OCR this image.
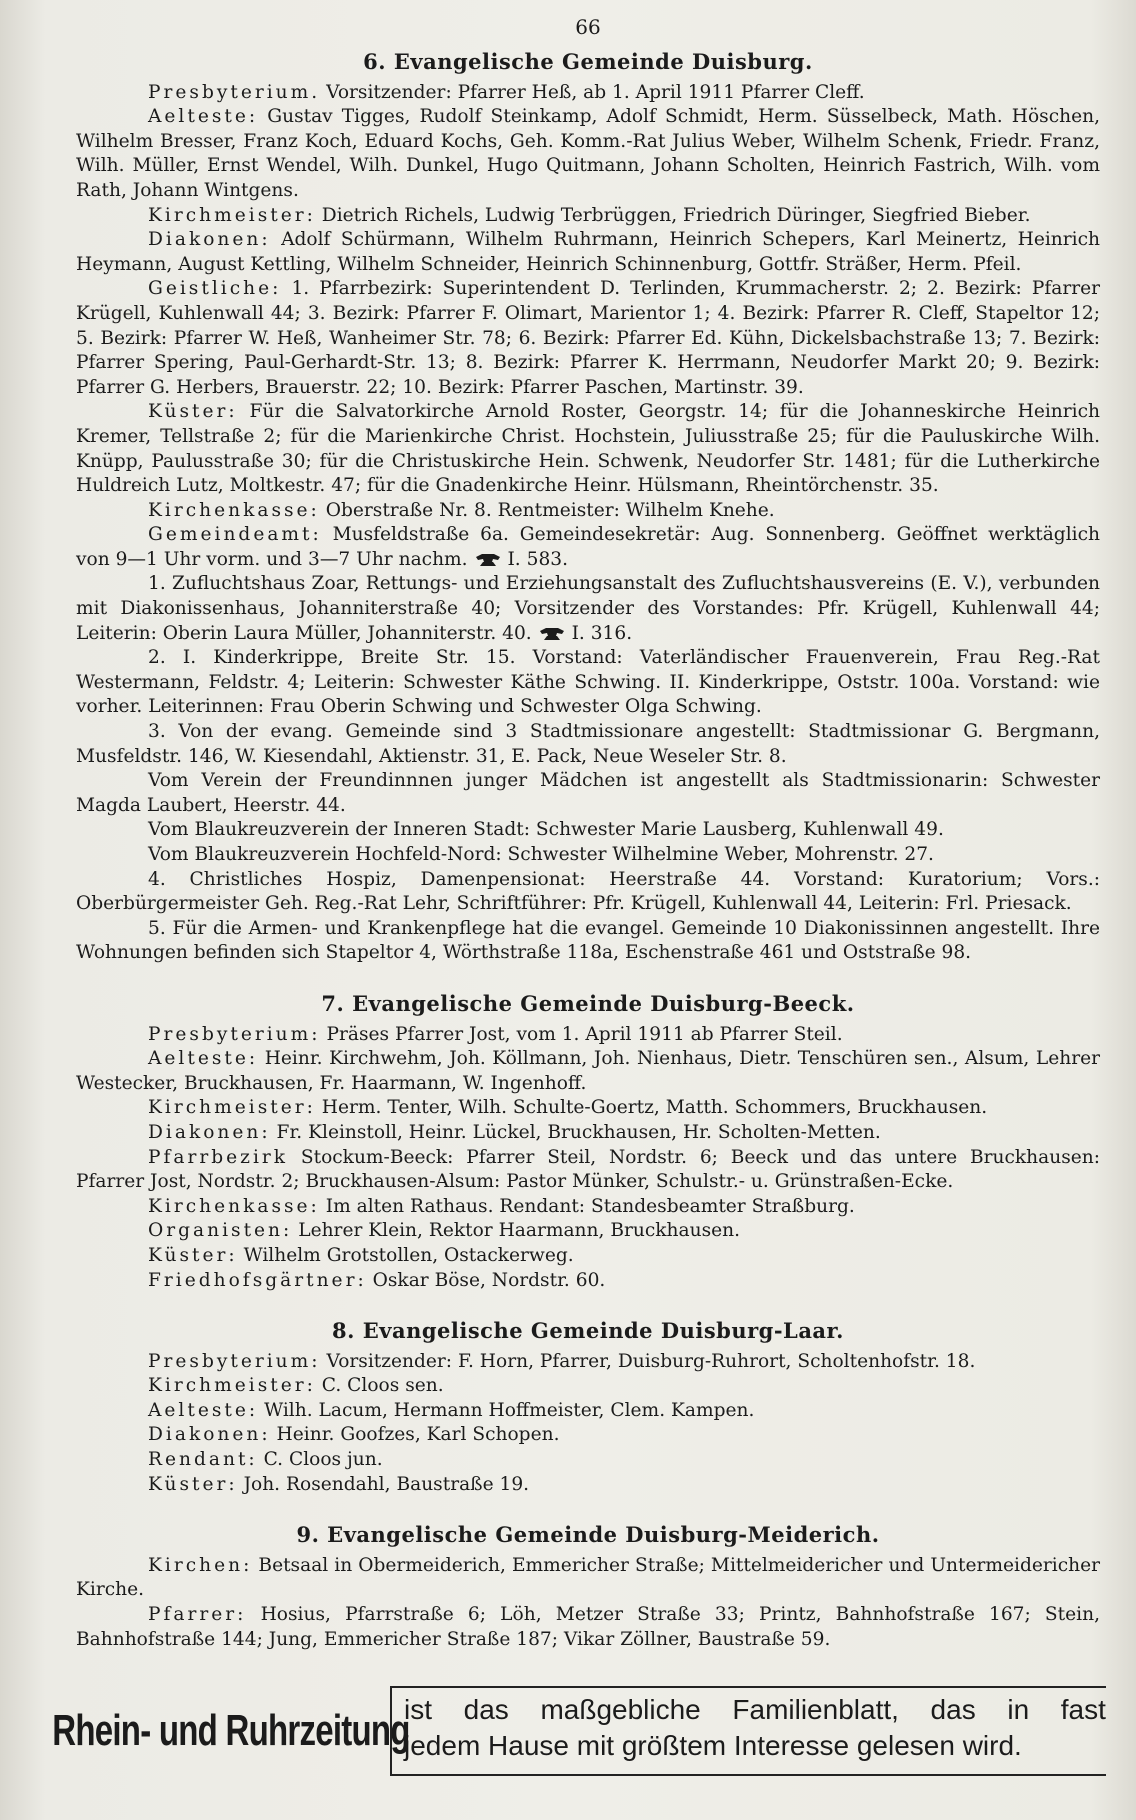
66

6. Evangelische Gemeinde Duisburg.

Presbyterium. Vorsitzender: Pfarrer Heß, ab 1. April 1911 Pfarrer Cleff.

Aelteste: Gustav Tigges, Rudolf Steinkamp, Adolf Schmidt, Herm. Süsselbeck, Math. Höschen, Wilhelm Bresser, Franz Koch, Eduard Kochs, Geh. Komm.-Rat Julius Weber, Wilhelm Schenk, Friedr. Franz, Wilh. Müller, Ernst Wendel, Wilh. Dunkel, Hugo Quitmann, Johann Scholten, Heinrich Fastrich, Wilh. vom Rath, Johann Wintgens.

Kirchmeister: Dietrich Richels, Ludwig Terbrüggen, Friedrich Düringer, Siegfried Bieber.

Diakonen: Adolf Schürmann, Wilhelm Ruhrmann, Heinrich Schepers, Karl Meinertz, Heinrich Heymann, August Kettling, Wilhelm Schneider, Heinrich Schinnenburg, Gottfr. Sträßer, Herm. Pfeil.

Geistliche: 1. Pfarrbezirk: Superintendent D. Terlinden, Krummacherstr. 2; 2. Bezirk: Pfarrer Krügell, Kuhlenwall 44; 3. Bezirk: Pfarrer F. Olimart, Marientor 1; 4. Bezirk: Pfarrer R. Cleff, Stapeltor 12; 5. Bezirk: Pfarrer W. Heß, Wanheimer Str. 78; 6. Bezirk: Pfarrer Ed. Kühn, Dickelsbachstraße 13; 7. Bezirk: Pfarrer Spering, Paul-Gerhardt-Str. 13; 8. Bezirk: Pfarrer K. Herrmann, Neudorfer Markt 20; 9. Bezirk: Pfarrer G. Herbers, Brauerstr. 22; 10. Bezirk: Pfarrer Paschen, Martinstr. 39.

Küster: Für die Salvatorkirche Arnold Roster, Georgstr. 14; für die Johanneskirche Heinrich Kremer, Tellstraße 2; für die Marienkirche Christ. Hochstein, Juliusstraße 25; für die Pauluskirche Wilh. Knüpp, Paulusstraße 30; für die Christuskirche Hein. Schwenk, Neudorfer Str. 1481; für die Lutherkirche Huldreich Lutz, Moltkestr. 47; für die Gnadenkirche Heinr. Hülsmann, Rheintörchenstr. 35.

Kirchenkasse: Oberstraße Nr. 8. Rentmeister: Wilhelm Knehe.

Gemeindeamt: Musfeldstraße 6a. Gemeindesekretär: Aug. Sonnenberg. Geöffnet werktäglich von 9—1 Uhr vorm. und 3—7 Uhr nachm. I. 583.

1. Zufluchtshaus Zoar, Rettungs- und Erziehungsanstalt des Zufluchtshausvereins (E. V.), verbunden mit Diakonissenhaus, Johanniterstraße 40; Vorsitzender des Vorstandes: Pfr. Krügell, Kuhlenwall 44; Leiterin: Oberin Laura Müller, Johanniterstr. 40. I. 316.

2. I. Kinderkrippe, Breite Str. 15. Vorstand: Vaterländischer Frauenverein, Frau Reg.-Rat Westermann, Feldstr. 4; Leiterin: Schwester Käthe Schwing. II. Kinderkrippe, Oststr. 100a. Vorstand: wie vorher. Leiterinnen: Frau Oberin Schwing und Schwester Olga Schwing.

3. Von der evang. Gemeinde sind 3 Stadtmissionare angestellt: Stadtmissionar G. Bergmann, Musfeldstr. 146, W. Kiesendahl, Aktienstr. 31, E. Pack, Neue Weseler Str. 8.

Vom Verein der Freundinnnen junger Mädchen ist angestellt als Stadtmissionarin: Schwester Magda Laubert, Heerstr. 44.

Vom Blaukreuzverein der Inneren Stadt: Schwester Marie Lausberg, Kuhlenwall 49.

Vom Blaukreuzverein Hochfeld-Nord: Schwester Wilhelmine Weber, Mohrenstr. 27.

4. Christliches Hospiz, Damenpensionat: Heerstraße 44. Vorstand: Kuratorium; Vors.: Oberbürgermeister Geh. Reg.-Rat Lehr, Schriftführer: Pfr. Krügell, Kuhlenwall 44, Leiterin: Frl. Priesack.

5. Für die Armen- und Krankenpflege hat die evangel. Gemeinde 10 Diakonissinnen angestellt. Ihre Wohnungen befinden sich Stapeltor 4, Wörthstraße 118a, Eschenstraße 461 und Oststraße 98.

7. Evangelische Gemeinde Duisburg-Beeck.

Presbyterium: Präses Pfarrer Jost, vom 1. April 1911 ab Pfarrer Steil.

Aelteste: Heinr. Kirchwehm, Joh. Köllmann, Joh. Nienhaus, Dietr. Tenschüren sen., Alsum, Lehrer Westecker, Bruckhausen, Fr. Haarmann, W. Ingenhoff.

Kirchmeister: Herm. Tenter, Wilh. Schulte-Goertz, Matth. Schommers, Bruckhausen.

Diakonen: Fr. Kleinstoll, Heinr. Lückel, Bruckhausen, Hr. Scholten-Metten.

Pfarrbezirk Stockum-Beeck: Pfarrer Steil, Nordstr. 6; Beeck und das untere Bruckhausen: Pfarrer Jost, Nordstr. 2; Bruckhausen-Alsum: Pastor Münker, Schulstr.- u. Grünstraßen-Ecke.

Kirchenkasse: Im alten Rathaus. Rendant: Standesbeamter Straßburg.

Organisten: Lehrer Klein, Rektor Haarmann, Bruckhausen.

Küster: Wilhelm Grotstollen, Ostackerweg.

Friedhofsgärtner: Oskar Böse, Nordstr. 60.

8. Evangelische Gemeinde Duisburg-Laar.

Presbyterium: Vorsitzender: F. Horn, Pfarrer, Duisburg-Ruhrort, Scholtenhofstr. 18.

Kirchmeister: C. Cloos sen.

Aelteste: Wilh. Lacum, Hermann Hoffmeister, Clem. Kampen.

Diakonen: Heinr. Goofzes, Karl Schopen.

Rendant: C. Cloos jun.

Küster: Joh. Rosendahl, Baustraße 19.

9. Evangelische Gemeinde Duisburg-Meiderich.

Kirchen: Betsaal in Obermeiderich, Emmericher Straße; Mittelmeidericher und Untermeidericher Kirche.

Pfarrer: Hosius, Pfarrstraße 6; Löh, Metzer Straße 33; Printz, Bahnhofstraße 167; Stein, Bahnhofstraße 144; Jung, Emmericher Straße 187; Vikar Zöllner, Baustraße 59.

Rhein- und Ruhrzeitung
ist das maßgebliche Familienblatt, das in fast
jedem Hause mit größtem Interesse gelesen wird.
